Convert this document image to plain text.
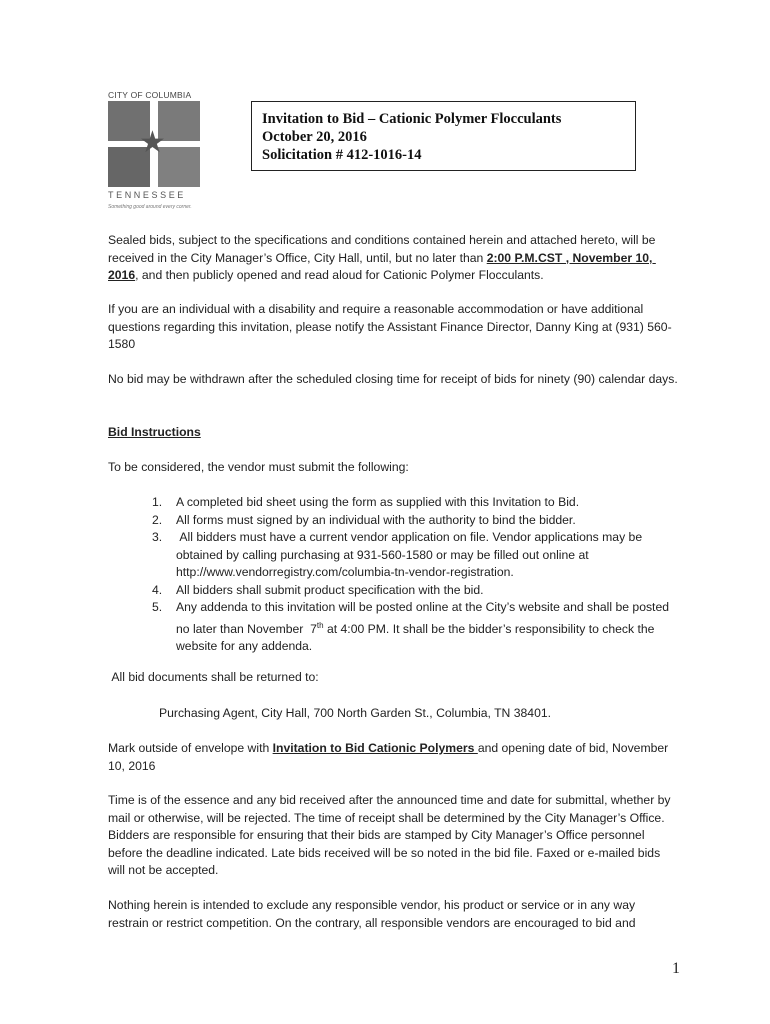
CITY OF COLUMBIA
★
TENNESSEE
Something good around every corner.
Invitation to Bid – Cationic Polymer Flocculants
October 20, 2016
Solicitation # 412-1016-14
Sealed bids, subject to the specifications and conditions contained herein and attached hereto, will be received in the City Manager’s Office, City Hall, until, but no later than 2:00 P.M.CST , November 10, 2016, and then publicly opened and read aloud for Cationic Polymer Flocculants.
If you are an individual with a disability and require a reasonable accommodation or have additional questions regarding this invitation, please notify the Assistant Finance Director, Danny King at (931) 560-1580
No bid may be withdrawn after the scheduled closing time for receipt of bids for ninety (90) calendar days.
Bid Instructions
To be considered, the vendor must submit the following:
1. A completed bid sheet using the form as supplied with this Invitation to Bid.
2. All forms must signed by an individual with the authority to bind the bidder.
3. All bidders must have a current vendor application on file. Vendor applications may be obtained by calling purchasing at 931-560-1580 or may be filled out online at http://www.vendorregistry.com/columbia-tn-vendor-registration.
4. All bidders shall submit product specification with the bid.
5. Any addenda to this invitation will be posted online at the City’s website and shall be posted no later than November  7th at 4:00 PM. It shall be the bidder’s responsibility to check the website for any addenda.
All bid documents shall be returned to:
Purchasing Agent, City Hall, 700 North Garden St., Columbia, TN 38401.
Mark outside of envelope with Invitation to Bid Cationic Polymers and opening date of bid, November 10, 2016
Time is of the essence and any bid received after the announced time and date for submittal, whether by mail or otherwise, will be rejected. The time of receipt shall be determined by the City Manager’s Office. Bidders are responsible for ensuring that their bids are stamped by City Manager’s Office personnel before the deadline indicated. Late bids received will be so noted in the bid file. Faxed or e-mailed bids will not be accepted.
Nothing herein is intended to exclude any responsible vendor, his product or service or in any way restrain or restrict competition. On the contrary, all responsible vendors are encouraged to bid and
1
